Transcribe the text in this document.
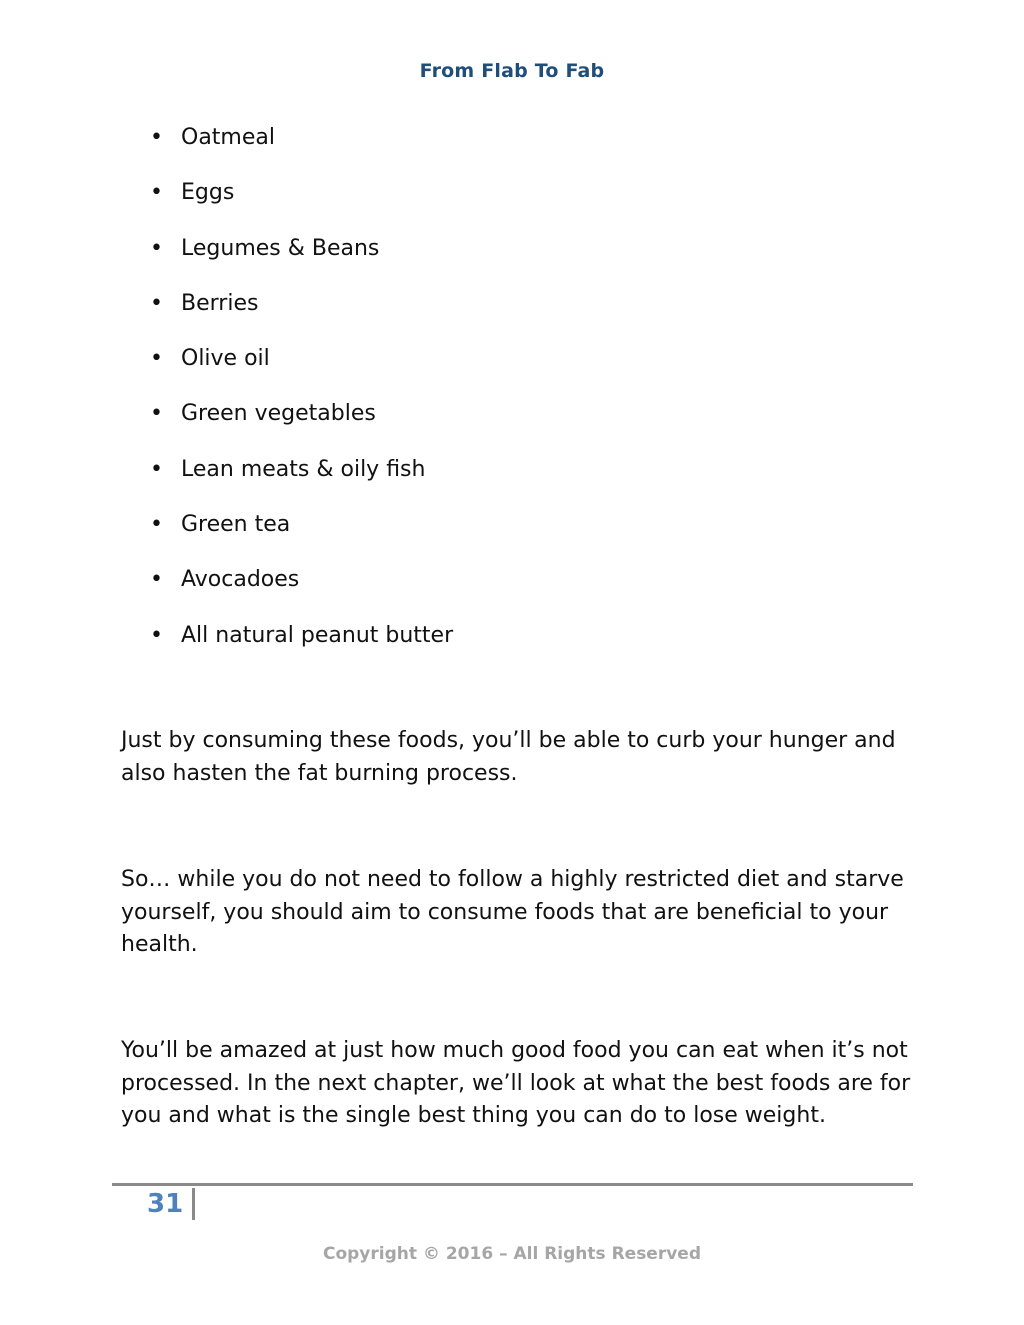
From Flab To Fab
• Oatmeal
• Eggs
• Legumes & Beans
• Berries
• Olive oil
• Green vegetables
• Lean meats & oily fish
• Green tea
• Avocadoes
• All natural peanut butter

Just by consuming these foods, you’ll be able to curb your hunger and also hasten the fat burning process.

So… while you do not need to follow a highly restricted diet and starve yourself, you should aim to consume foods that are beneficial to your health.

You’ll be amazed at just how much good food you can eat when it’s not processed. In the next chapter, we’ll look at what the best foods are for you and what is the single best thing you can do to lose weight.

31
Copyright © 2016 – All Rights Reserved
